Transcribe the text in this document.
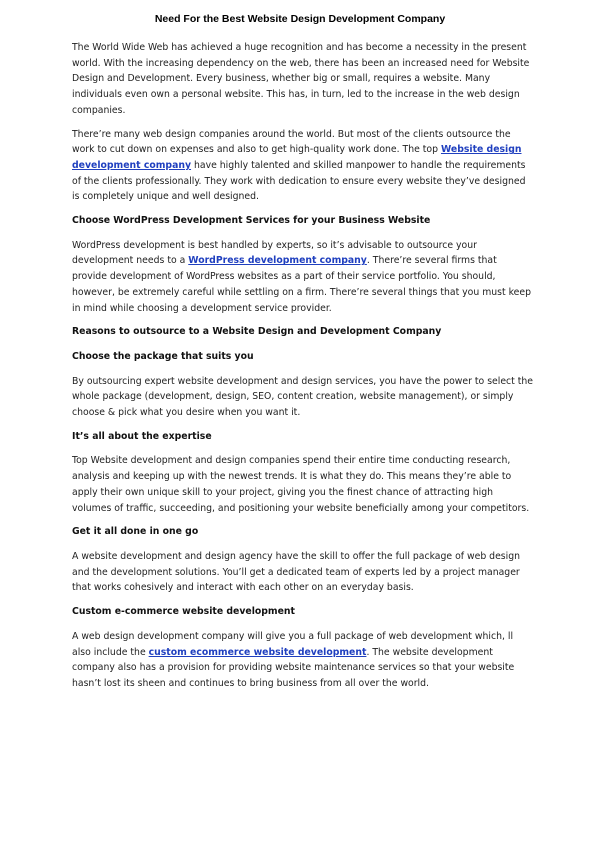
Need For the Best Website Design Development Company

The World Wide Web has achieved a huge recognition and has become a necessity in the present world. With the increasing dependency on the web, there has been an increased need for Website Design and Development. Every business, whether big or small, requires a website. Many individuals even own a personal website. This has, in turn, led to the increase in the web design companies.

There’re many web design companies around the world. But most of the clients outsource the work to cut down on expenses and also to get high-quality work done. The top Website design development company have highly talented and skilled manpower to handle the requirements of the clients professionally. They work with dedication to ensure every website they’ve designed is completely unique and well designed.

Choose WordPress Development Services for your Business Website

WordPress development is best handled by experts, so it’s advisable to outsource your development needs to a WordPress development company. There’re several firms that provide development of WordPress websites as a part of their service portfolio. You should, however, be extremely careful while settling on a firm. There’re several things that you must keep in mind while choosing a development service provider.

Reasons to outsource to a Website Design and Development Company
Choose the package that suits you

By outsourcing expert website development and design services, you have the power to select the whole package (development, design, SEO, content creation, website management), or simply choose & pick what you desire when you want it.

It’s all about the expertise

Top Website development and design companies spend their entire time conducting research, analysis and keeping up with the newest trends. It is what they do. This means they’re able to apply their own unique skill to your project, giving you the finest chance of attracting high volumes of traffic, succeeding, and positioning your website beneficially among your competitors.

Get it all done in one go

A website development and design agency have the skill to offer the full package of web design and the development solutions. You’ll get a dedicated team of experts led by a project manager that works cohesively and interact with each other on an everyday basis.

Custom e-commerce website development

A web design development company will give you a full package of web development which, ll also include the custom ecommerce website development. The website development company also has a provision for providing website maintenance services so that your website hasn’t lost its sheen and continues to bring business from all over the world.
